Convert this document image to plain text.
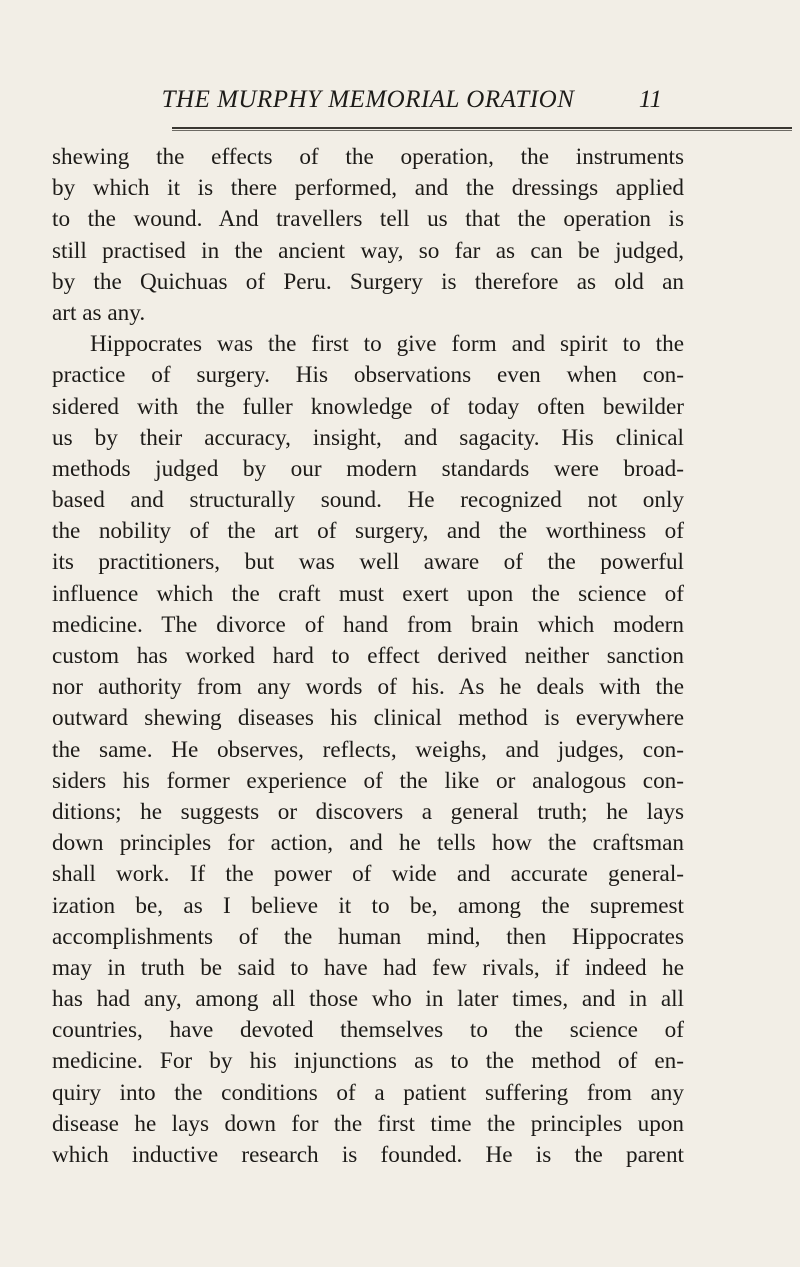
THE MURPHY MEMORIAL ORATION	11
shewing the effects of the operation, the instruments
by which it is there performed, and the dressings applied
to the wound. And travellers tell us that the operation is
still practised in the ancient way, so far as can be judged,
by the Quichuas of Peru. Surgery is therefore as old an
art as any.
Hippocrates was the first to give form and spirit to the
practice of surgery. His observations even when con-
sidered with the fuller knowledge of today often bewilder
us by their accuracy, insight, and sagacity. His clinical
methods judged by our modern standards were broad-
based and structurally sound. He recognized not only
the nobility of the art of surgery, and the worthiness of
its practitioners, but was well aware of the powerful
influence which the craft must exert upon the science of
medicine. The divorce of hand from brain which modern
custom has worked hard to effect derived neither sanction
nor authority from any words of his. As he deals with the
outward shewing diseases his clinical method is everywhere
the same. He observes, reflects, weighs, and judges, con-
siders his former experience of the like or analogous con-
ditions; he suggests or discovers a general truth; he lays
down principles for action, and he tells how the craftsman
shall work. If the power of wide and accurate general-
ization be, as I believe it to be, among the supremest
accomplishments of the human mind, then Hippocrates
may in truth be said to have had few rivals, if indeed he
has had any, among all those who in later times, and in all
countries, have devoted themselves to the science of
medicine. For by his injunctions as to the method of en-
quiry into the conditions of a patient suffering from any
disease he lays down for the first time the principles upon
which inductive research is founded. He is the parent
